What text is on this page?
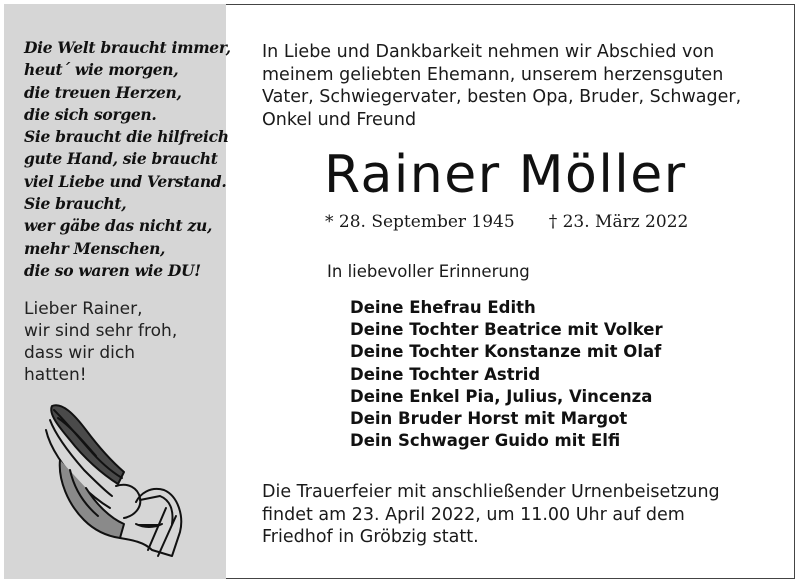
Die Welt braucht immer,
heut´ wie morgen,
die treuen Herzen,
die sich sorgen.
Sie braucht die hilfreich
gute Hand, sie braucht
viel Liebe und Verstand.
Sie braucht,
wer gäbe das nicht zu,
mehr Menschen,
die so waren wie DU!
Lieber Rainer,
wir sind sehr froh,
dass wir dich
hatten!
In Liebe und Dankbarkeit nehmen wir Abschied von
meinem geliebten Ehemann, unserem herzensguten
Vater, Schwiegervater, besten Opa, Bruder, Schwager,
Onkel und Freund
Rainer Möller
* 28. September 1945 † 23. März 2022
In liebevoller Erinnerung
Deine Ehefrau Edith
Deine Tochter Beatrice mit Volker
Deine Tochter Konstanze mit Olaf
Deine Tochter Astrid
Deine Enkel Pia, Julius, Vincenza
Dein Bruder Horst mit Margot
Dein Schwager Guido mit Elfi
Die Trauerfeier mit anschließender Urnenbeisetzung
findet am 23. April 2022, um 11.00 Uhr auf dem
Friedhof in Gröbzig statt.
